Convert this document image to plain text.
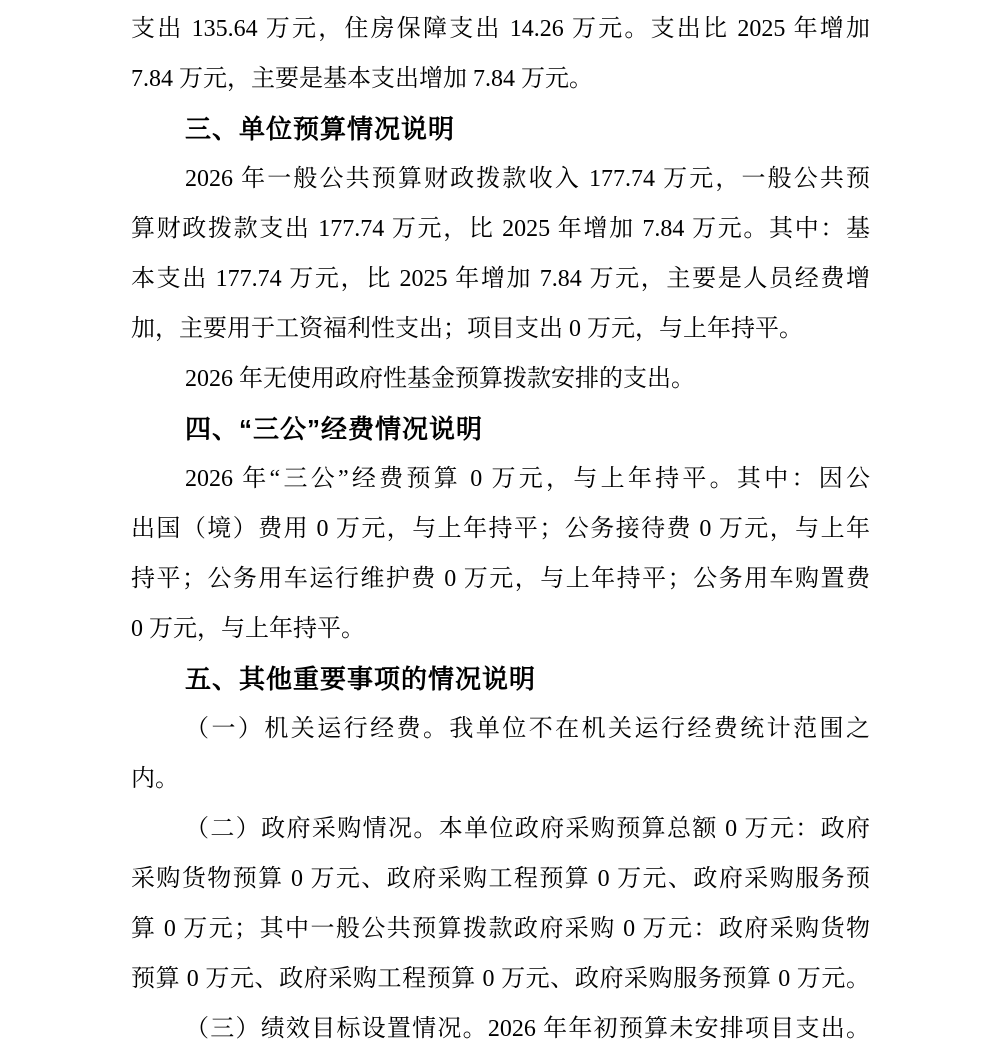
支出 135.64 万元，住房保障支出 14.26 万元。支出比 2025 年增加
7.84 万元，主要是基本支出增加 7.84 万元。
三、单位预算情况说明
2026 年一般公共预算财政拨款收入 177.74 万元，一般公共预
算财政拨款支出 177.74 万元，比 2025 年增加 7.84 万元。其中：基
本支出 177.74 万元，比 2025 年增加 7.84 万元，主要是人员经费增
加，主要用于工资福利性支出；项目支出 0 万元，与上年持平。
2026 年无使用政府性基金预算拨款安排的支出。
四、“三公”经费情况说明
2026 年“三公”经费预算 0 万元，与上年持平。其中：因公
出国（境）费用 0 万元，与上年持平；公务接待费 0 万元，与上年
持平；公务用车运行维护费 0 万元，与上年持平；公务用车购置费
0 万元，与上年持平。
五、其他重要事项的情况说明
（一）机关运行经费。我单位不在机关运行经费统计范围之
内。
（二）政府采购情况。本单位政府采购预算总额 0 万元：政府
采购货物预算 0 万元、政府采购工程预算 0 万元、政府采购服务预
算 0 万元；其中一般公共预算拨款政府采购 0 万元：政府采购货物
预算 0 万元、政府采购工程预算 0 万元、政府采购服务预算 0 万元。
（三）绩效目标设置情况。2026 年年初预算未安排项目支出。
